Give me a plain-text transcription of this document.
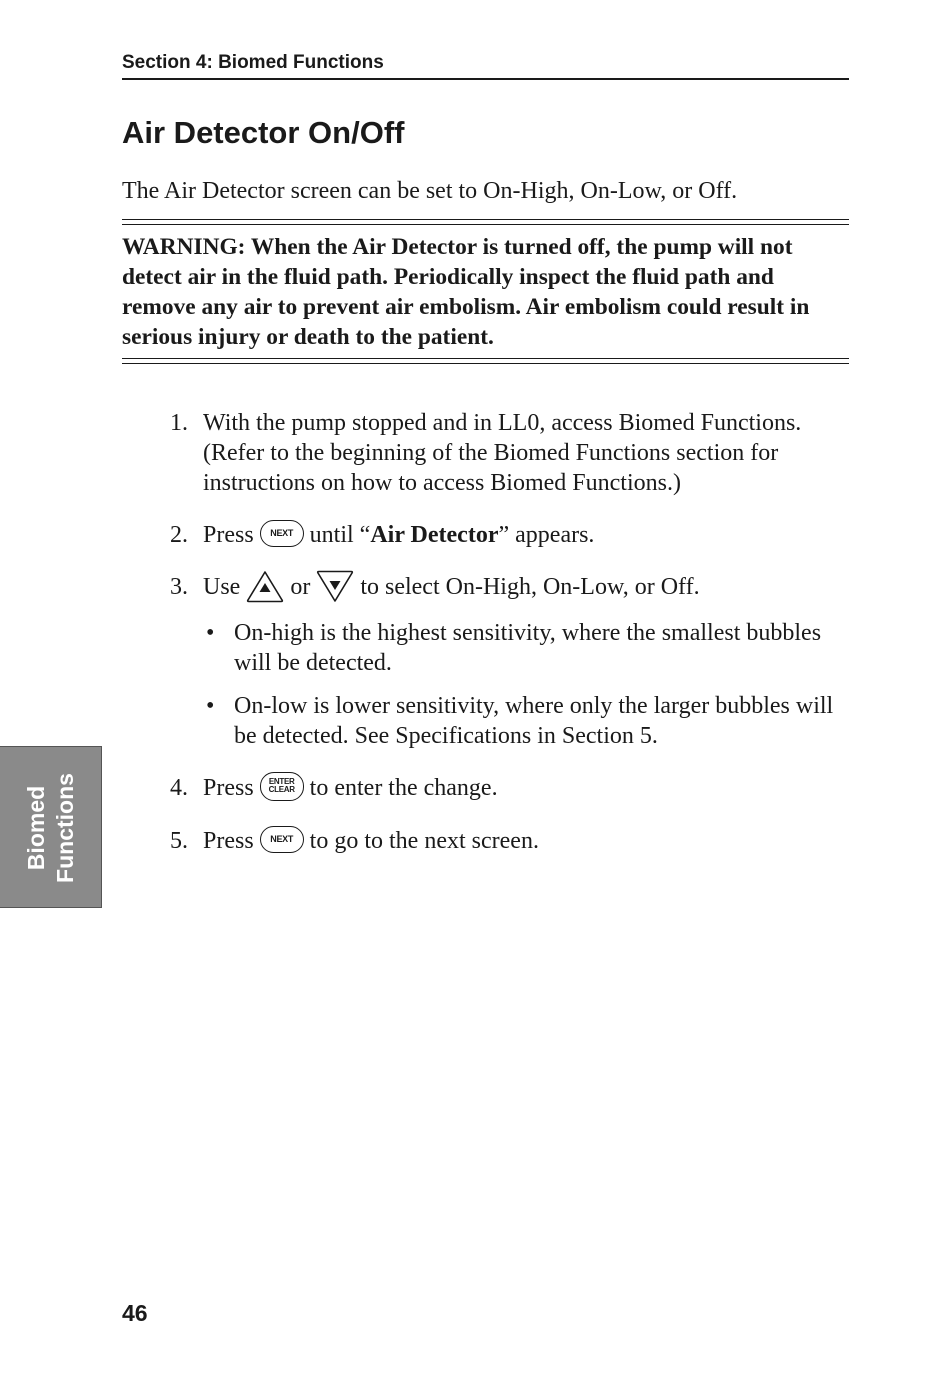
Section 4: Biomed Functions
Air Detector On/Off
The Air Detector screen can be set to On-High, On-Low, or Off.
WARNING: When the Air Detector is turned off, the pump will not detect air in the fluid path. Periodically inspect the fluid path and remove any air to prevent air embolism. Air embolism could result in serious injury or death to the patient.
1. With the pump stopped and in LL0, access Biomed Functions. (Refer to the beginning of the Biomed Functions section for instructions on how to access Biomed Functions.)
2. Press NEXT until “Air Detector” appears.
3. Use or to select On-High, On-Low, or Off.
• On-high is the highest sensitivity, where the smallest bubbles will be detected.
• On-low is lower sensitivity, where only the larger bubbles will be detected. See Specifications in Section 5.
4. Press ENTER
CLEAR to enter the change.
5. Press NEXT to go to the next screen.
Biomed Functions
46
